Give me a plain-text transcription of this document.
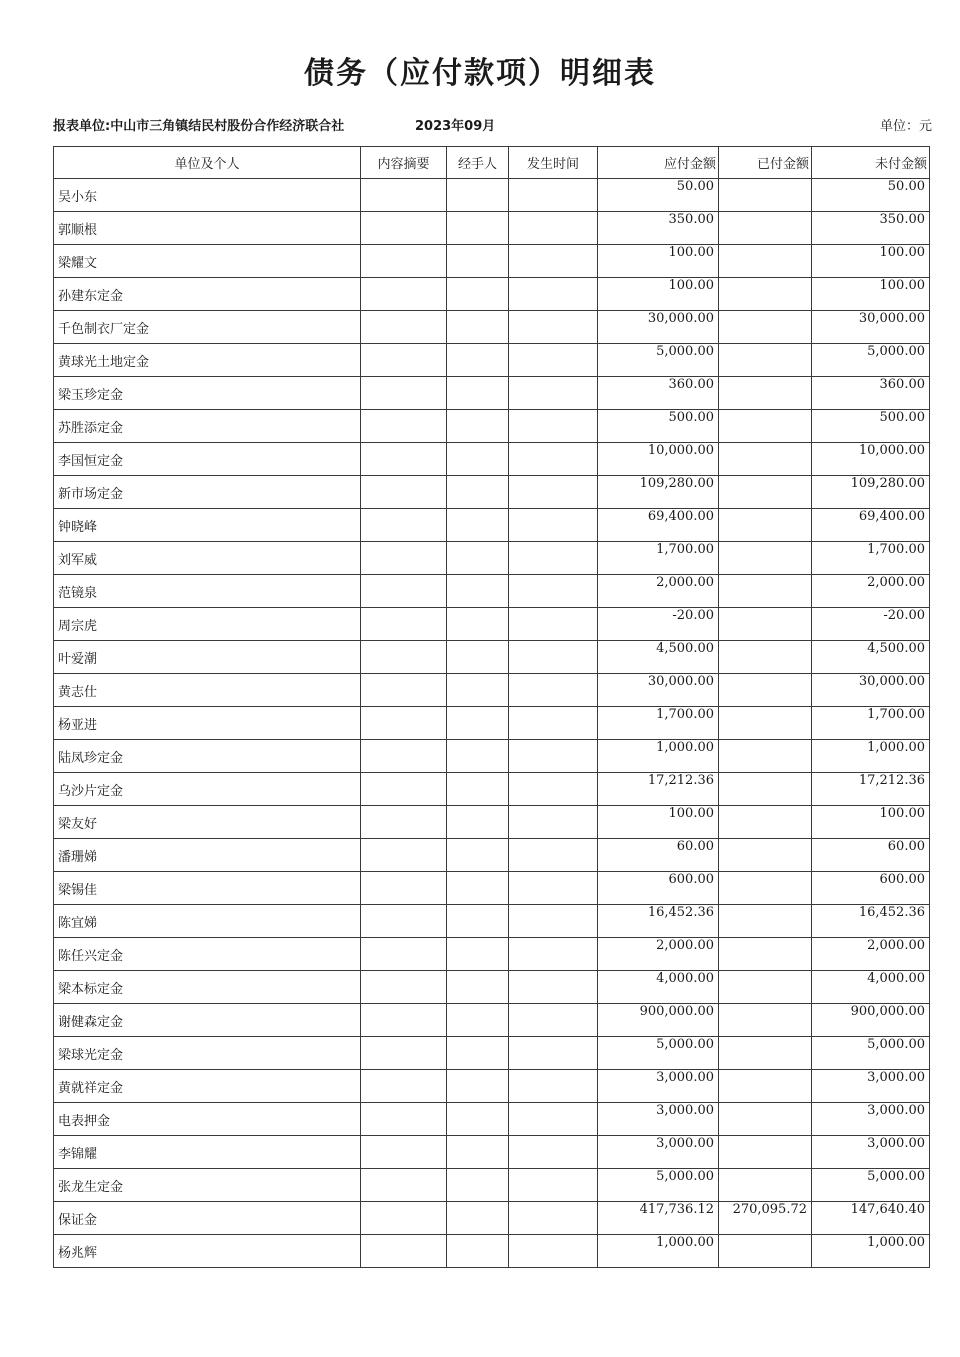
债务（应付款项）明细表
报表单位:中山市三角镇结民村股份合作经济联合社	2023年09月	单位：元
单位及个人	内容摘要	经手人	发生时间	应付金额	已付金额	未付金额
吴小东				50.00		50.00
郭顺根				350.00		350.00
梁耀文				100.00		100.00
孙建东定金				100.00		100.00
千色制衣厂定金				30,000.00		30,000.00
黄球光土地定金				5,000.00		5,000.00
梁玉珍定金				360.00		360.00
苏胜添定金				500.00		500.00
李国恒定金				10,000.00		10,000.00
新市场定金				109,280.00		109,280.00
钟晓峰				69,400.00		69,400.00
刘军威				1,700.00		1,700.00
范镜泉				2,000.00		2,000.00
周宗虎				-20.00		-20.00
叶爱潮				4,500.00		4,500.00
黄志仕				30,000.00		30,000.00
杨亚进				1,700.00		1,700.00
陆凤珍定金				1,000.00		1,000.00
乌沙片定金				17,212.36		17,212.36
梁友好				100.00		100.00
潘珊娣				60.00		60.00
梁锡佳				600.00		600.00
陈宜娣				16,452.36		16,452.36
陈任兴定金				2,000.00		2,000.00
梁本标定金				4,000.00		4,000.00
谢健森定金				900,000.00		900,000.00
梁球光定金				5,000.00		5,000.00
黄就祥定金				3,000.00		3,000.00
电表押金				3,000.00		3,000.00
李锦耀				3,000.00		3,000.00
张龙生定金				5,000.00		5,000.00
保证金				417,736.12	270,095.72	147,640.40
杨兆辉				1,000.00		1,000.00
